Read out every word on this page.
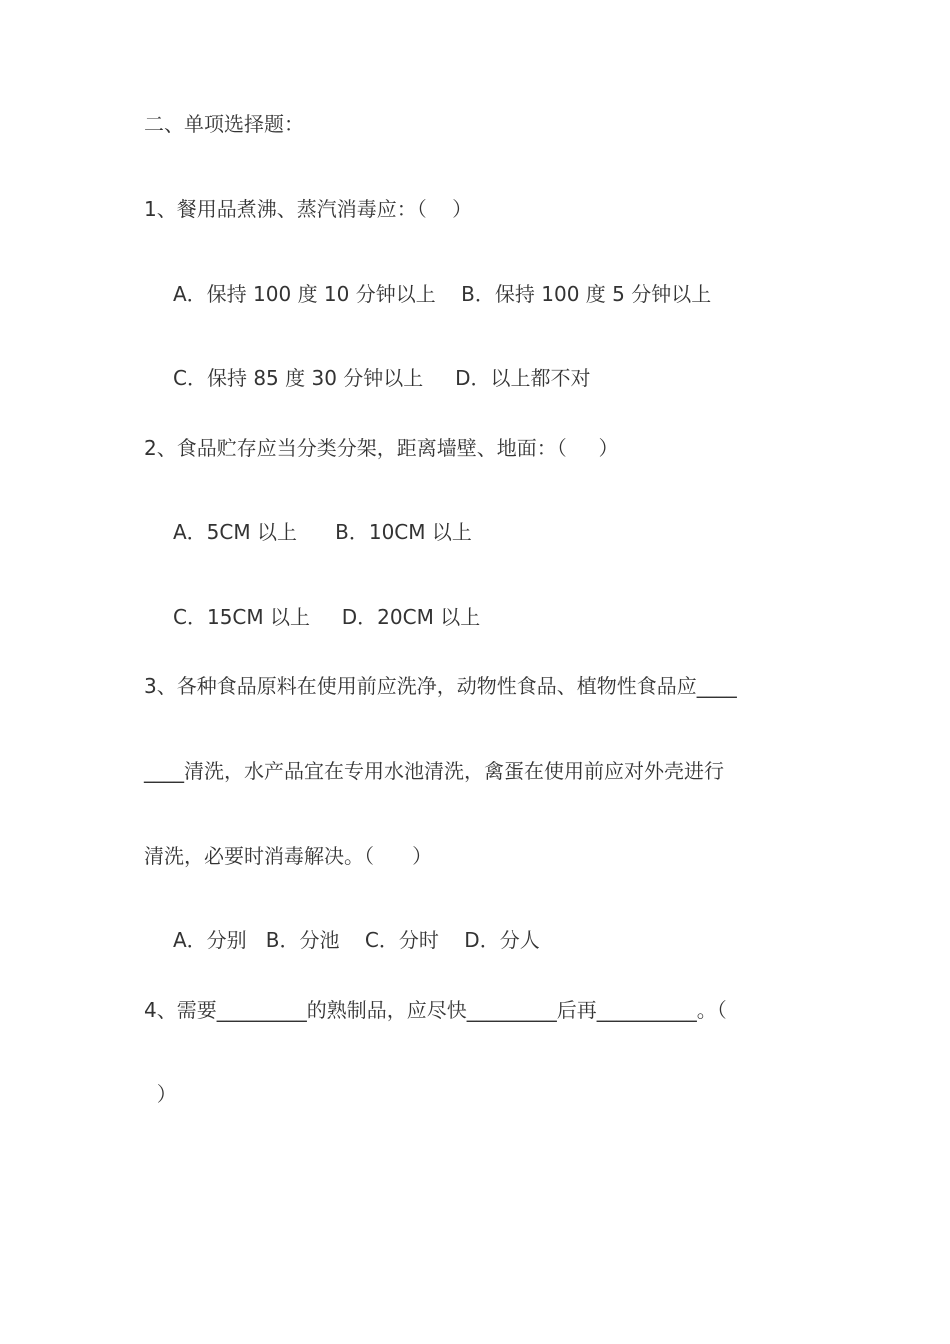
二、单项选择题：
1、餐用品煮沸、蒸汽消毒应：（    ）
A．保持 100 度 10 分钟以上    B．保持 100 度 5 分钟以上
C．保持 85 度 30 分钟以上     D．以上都不对
2、食品贮存应当分类分架，距离墙壁、地面：（     ）
A．5CM 以上      B．10CM 以上
C．15CM 以上     D．20CM 以上
3、各种食品原料在使用前应洗净，动物性食品、植物性食品应____
____清洗，水产品宜在专用水池清洗，禽蛋在使用前应对外壳进行
清洗，必要时消毒解决。（      ）
A．分别   B．分池    C．分时    D．分人
4、需要_________的熟制品，应尽快_________后再__________。（
）
